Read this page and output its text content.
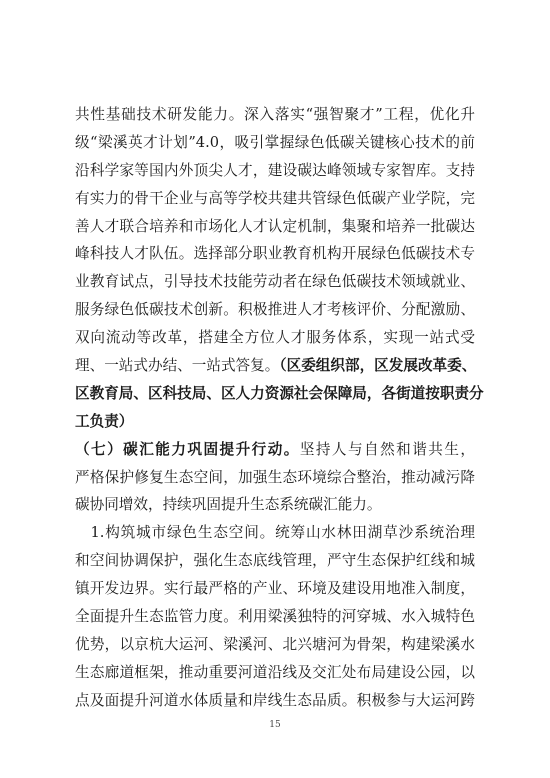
共性基础技术研发能力。深入落实“强智聚才”工程，优化升
级“梁溪英才计划”4.0，吸引掌握绿色低碳关键核心技术的前
沿科学家等国内外顶尖人才，建设碳达峰领域专家智库。支持
有实力的骨干企业与高等学校共建共管绿色低碳产业学院，完
善人才联合培养和市场化人才认定机制，集聚和培养一批碳达
峰科技人才队伍。选择部分职业教育机构开展绿色低碳技术专
业教育试点，引导技术技能劳动者在绿色低碳技术领域就业、
服务绿色低碳技术创新。积极推进人才考核评价、分配激励、
双向流动等改革，搭建全方位人才服务体系，实现一站式受
理、一站式办结、一站式答复。（区委组织部，区发展改革委、
区教育局、区科技局、区人力资源社会保障局，各街道按职责分
工负责）
（七）碳汇能力巩固提升行动。坚持人与自然和谐共生，
严格保护修复生态空间，加强生态环境综合整治，推动减污降
碳协同增效，持续巩固提升生态系统碳汇能力。
　1.构筑城市绿色生态空间。统筹山水林田湖草沙系统治理
和空间协调保护，强化生态底线管理，严守生态保护红线和城
镇开发边界。实行最严格的产业、环境及建设用地准入制度，
全面提升生态监管力度。利用梁溪独特的河穿城、水入城特色
优势，以京杭大运河、梁溪河、北兴塘河为骨架，构建梁溪水
生态廊道框架，推动重要河道沿线及交汇处布局建设公园，以
点及面提升河道水体质量和岸线生态品质。积极参与大运河跨
15
